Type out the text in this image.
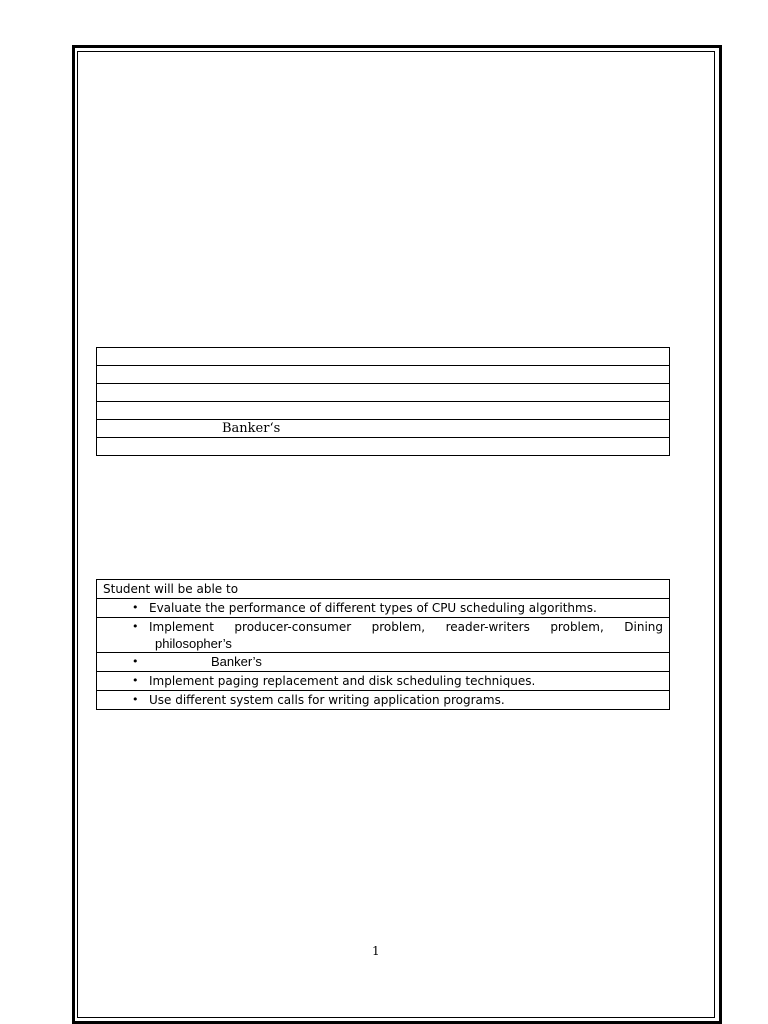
Banker‘s

Student will be able to

• Evaluate the performance of different types of CPU scheduling algorithms.

• Implement producer-consumer problem, reader-writers problem, Dining
philosopher’s

•	Banker’s

• Implement paging replacement and disk scheduling techniques.

• Use different system calls for writing application programs.
1
